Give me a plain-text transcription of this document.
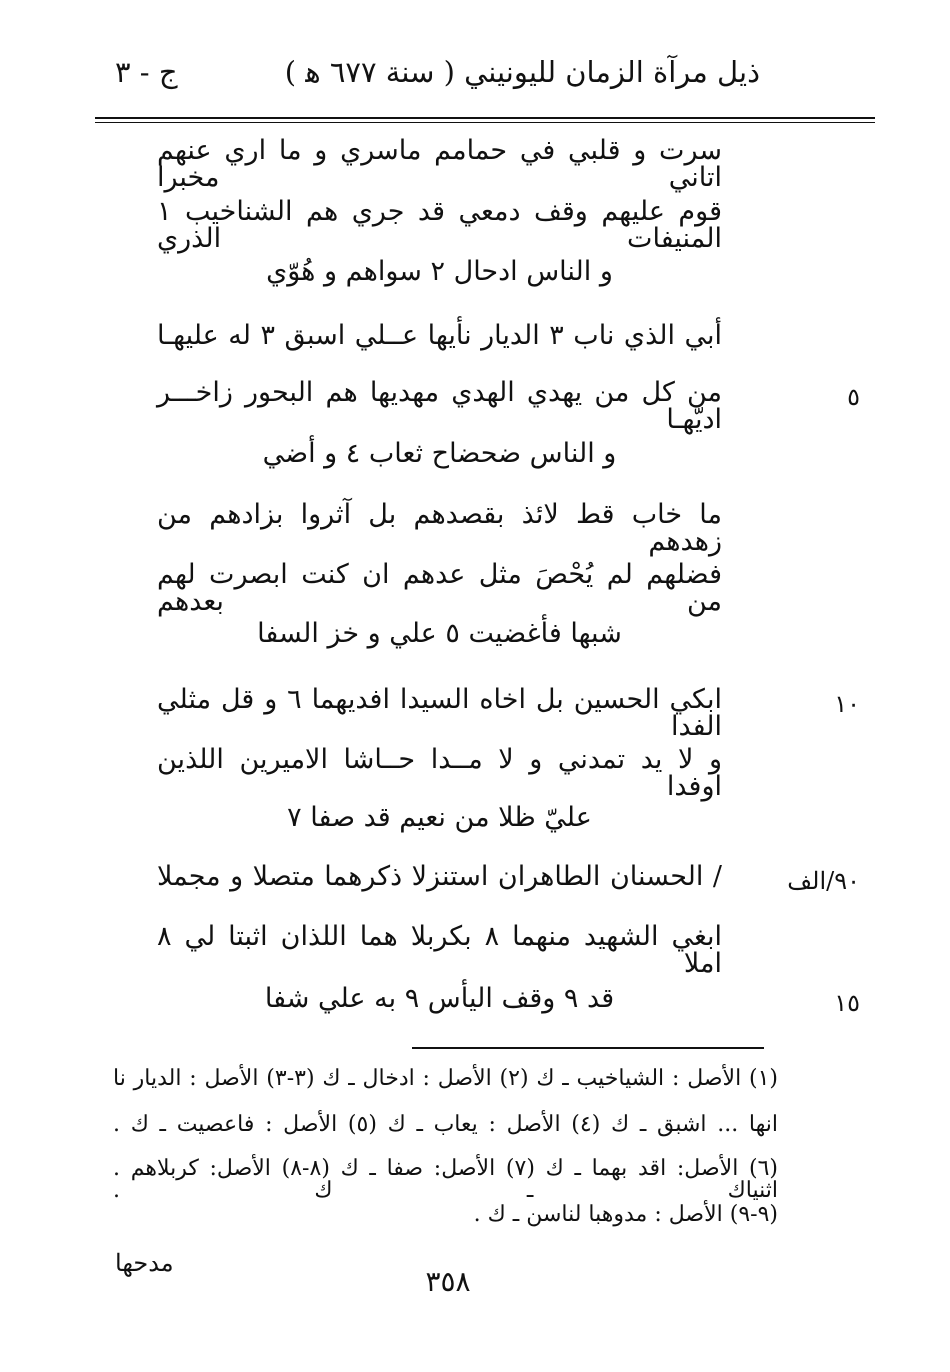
ذيل مرآة الزمان لليونيني ( سنة ٦٧٧ ﻫ )
ج - ٣
سرت و قلبي في حمامم ماسري و ما اري عنهم اتاني مخبرا
قوم عليهم وقف دمعي قد جري هم الشناخيب ١ المنيفات الذري
و الناس ادحال ٢ سواهم و هُوّي
أبي الذي ناب ٣ الديار نأيها عــلي اسبق ٣ له عليهـا
من كل من يهدي الهدي مهديها هم البحور زاخـــر اديّهـا
٥
و الناس ضحضاح ثعاب ٤ و أضي
ما خاب قط لائذ بقصدهم بل آثروا بزادهم من زهدهم
فضلهم لم يُحْصَ مثل عدهم ان كنت ابصرت لهم من بعدهم
شبها فأغضيت ٥ علي و خز السفا
ابكي الحسين بل اخاه السيدا افديهما ٦ و قل مثلي الفدا
١٠
و لا يد تمدني و لا مــدا حــاشا الاميرين اللذين اوفدا
عليّ ظلا من نعيم قد صفا ٧
/ الحسنان الطاهران استنزلا ذكرهما متصلا و مجملا	٩٠/الف
ابغي الشهيد منهما ٨ بكربلا هما اللذان اثبتا لي ٨ املا
قد ٩ وقف اليأس ٩ به علي شفا	١٥
(١) الأصل : الشياخيب ـ ك (٢) الأصل : ادخال ـ ك (٣-٣) الأصل : الديار نا
انها ... اشبق ـ ك (٤) الأصل : يعاب ـ ك (٥) الأصل : فاعصيت ـ ك .
(٦) الأصل: اقد بهما ـ ك (٧) الأصل: صفا ـ ك (٨-٨) الأصل: كربلاهم . اثنياك ـ ك .
(٩-٩) الأصل : مدوهبا لناسن ـ ك .
٣٥٨
مدحها
